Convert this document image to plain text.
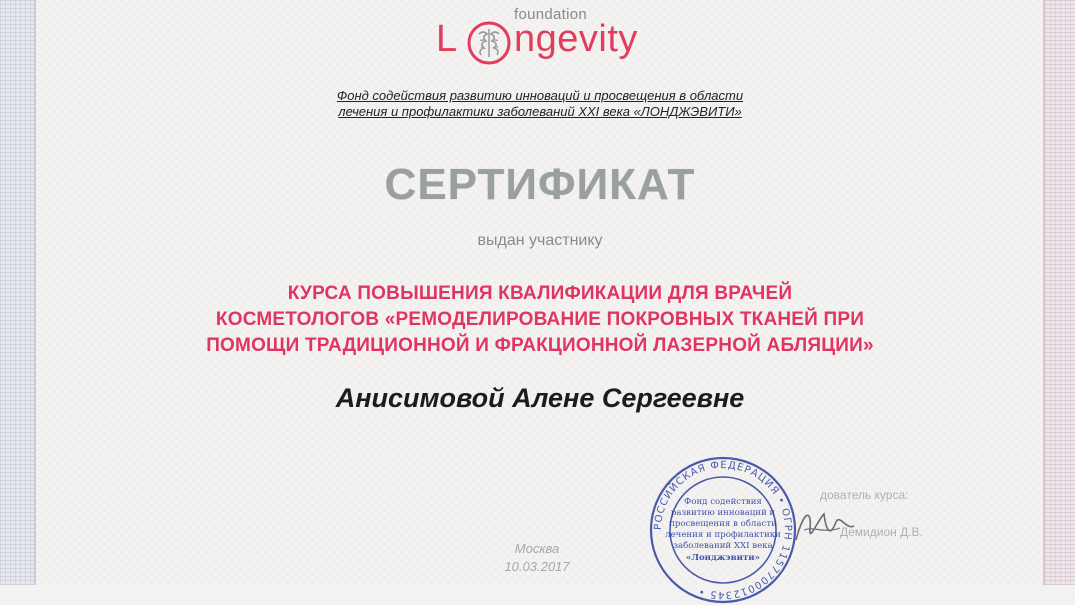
foundation
L ngevity
Фонд содействия развитию инноваций и просвещения в области
лечения и профилактики заболеваний XXI века «ЛОНДЖЭВИТИ»
СЕРТИФИКАТ
выдан участнику
КУРСА ПОВЫШЕНИЯ КВАЛИФИКАЦИИ ДЛЯ ВРАЧЕЙ
КОСМЕТОЛОГОВ «РЕМОДЕЛИРОВАНИЕ ПОКРОВНЫХ ТКАНЕЙ ПРИ
ПОМОЩИ ТРАДИЦИОННОЙ И ФРАКЦИОННОЙ ЛАЗЕРНОЙ АБЛЯЦИИ»
Анисимовой Алене Сергеевне
РОССИЙСКАЯ ФЕДЕРАЦИЯ • ОГРН 1157700012345 •
Фонд содействия
развитию инноваций и
просвещения в области
лечения и профилактики
заболеваний XXI века
«Лонджэвити»
дователь курса:
Демидион Д.В.
Москва
10.03.2017
